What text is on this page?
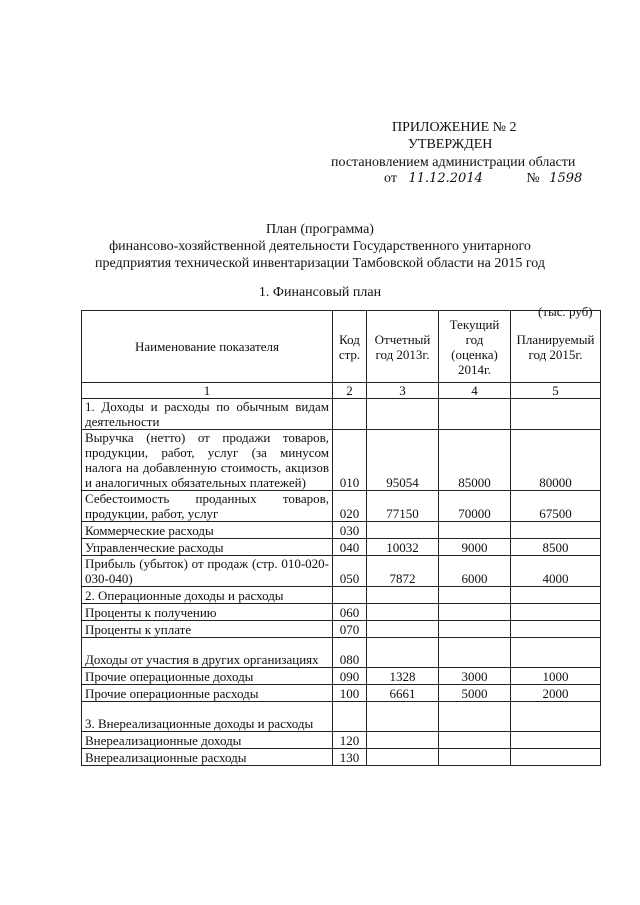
ПРИЛОЖЕНИЕ № 2
УТВЕРЖДЕН
постановлением администрации области
от 11.12.2014	№ 1598
План (программа)
финансово-хозяйственной деятельности Государственного унитарного
предприятия технической инвентаризации Тамбовской области на 2015 год
1. Финансовый план
(тыс. руб)
Наименование показателя	Код стр.	Отчетный год 2013г.	Текущий год (оценка) 2014г.	Планируемый год 2015г.
1	2	3	4	5
1. Доходы и расходы по обычным видам деятельности				
Выручка (нетто) от продажи товаров, продукции, работ, услуг (за минусом налога на добавленную стоимость, акцизов и аналогичных обязательных платежей)	010	95054	85000	80000
Себестоимость проданных товаров, продукции, работ, услуг	020	77150	70000	67500
Коммерческие расходы	030			
Управленческие расходы	040	10032	9000	8500
Прибыль (убыток) от продаж (стр. 010-020-030-040)	050	7872	6000	4000
2. Операционные доходы и расходы				
Проценты к получению	060			
Проценты к уплате	070			
Доходы от участия в других организациях	080			
Прочие операционные доходы	090	1328	3000	1000
Прочие операционные расходы	100	6661	5000	2000
3. Внереализационные доходы и расходы				
Внереализационные доходы	120			
Внереализационные расходы	130			
